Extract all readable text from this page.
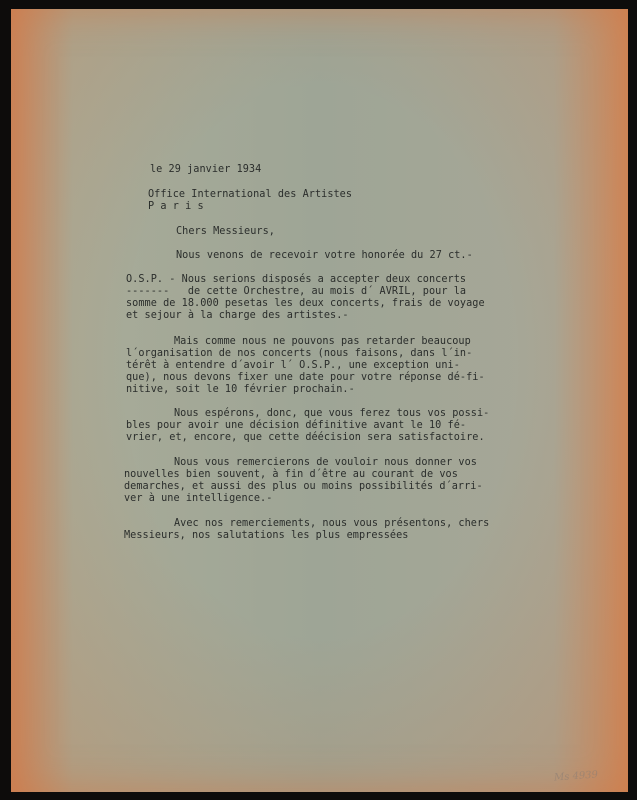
le 29 janvier 1934

Office International des Artistes

P a r i s

Chers Messieurs,

Nous venons de recevoir votre honorée du 27 ct.-

O.S.P. - Nous serions disposés a accepter deux concerts

-------   de cette Orchestre, au mois d´ AVRIL, pour la

somme de 18.000 pesetas les deux concerts, frais de voyage

et sejour à la charge des artistes.-

Mais comme nous ne pouvons pas retarder beaucoup

l´organisation de nos concerts (nous faisons, dans l´in-

térêt à entendre d´avoir l´ O.S.P., une exception uni-

que), nous devons fixer une date pour votre réponse dé-fi-

nitive, soit le 10 février prochain.-

Nous espérons, donc, que vous ferez tous vos possi-

bles pour avoir une décision définitive avant le 10 fé-

vrier, et, encore, que cette déécision sera satisfactoire.

Nous vous remercierons de vouloir nous donner vos

nouvelles bien souvent, à fin d´être au courant de vos

demarches, et aussi des plus ou moins possibilités d´arri-

ver à une intelligence.-

Avec nos remerciements, nous vous présentons, chers

Messieurs, nos salutations les plus empressées

Ms 4939
